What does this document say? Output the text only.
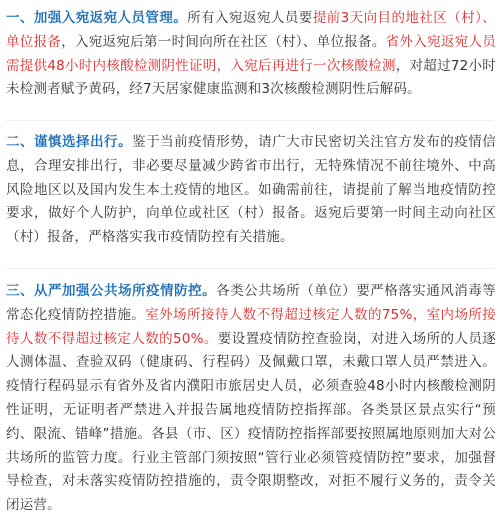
一、加强入宛返宛人员管理。所有入宛返宛人员要提前3天向目的地社区（村）、单位报备，入宛返宛后第一时间向所在社区（村）、单位报备。省外入宛返宛人员需提供48小时内核酸检测阴性证明，入宛后再进行一次核酸检测，对超过72小时未检测者赋予黄码，经7天居家健康监测和3次核酸检测阴性后解码。
二、谨慎选择出行。鉴于当前疫情形势，请广大市民密切关注官方发布的疫情信息，合理安排出行，非必要尽量减少跨省市出行，无特殊情况不前往境外、中高风险地区以及国内发生本土疫情的地区。如确需前往，请提前了解当地疫情防控要求，做好个人防护，向单位或社区（村）报备。返宛后要第一时间主动向社区（村）报备，严格落实我市疫情防控有关措施。
三、从严加强公共场所疫情防控。各类公共场所（单位）要严格落实通风消毒等常态化疫情防控措施。室外场所接待人数不得超过核定人数的75%，室内场所接待人数不得超过核定人数的50%。要设置疫情防控查验岗，对进入场所的人员逐人测体温、查验双码（健康码、行程码）及佩戴口罩，未戴口罩人员严禁进入。疫情行程码显示有省外及省内濮阳市旅居史人员，必须查验48小时内核酸检测阴性证明，无证明者严禁进入并报告属地疫情防控指挥部。各类景区景点实行“预约、限流、错峰”措施。各县（市、区）疫情防控指挥部要按照属地原则加大对公共场所的监管力度。行业主管部门须按照“管行业必须管疫情防控”要求，加强督导检查，对未落实疫情防控措施的，责令限期整改，对拒不履行义务的，责令关闭运营。
